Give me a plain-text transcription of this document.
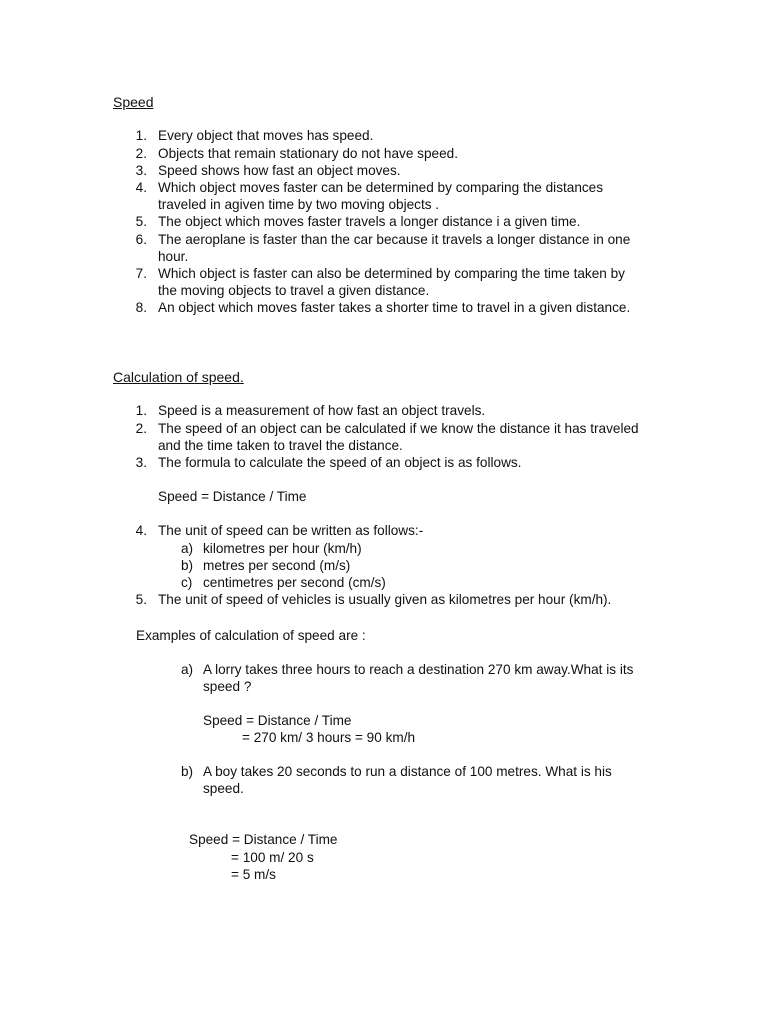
Speed
1. Every object that moves has speed.
2. Objects that remain stationary do not have speed.
3. Speed shows how fast an object moves.
4. Which object moves faster can be determined by comparing the distances
traveled in agiven time by two moving objects .
5. The object which moves faster travels a longer distance i a given time.
6. The aeroplane is faster than the car because it travels a longer distance in one
hour.
7. Which object is faster can also be determined by comparing the time taken by
the moving objects to travel a given distance.
8. An object which moves faster takes a shorter time to travel in a given distance.
Calculation of speed.
1. Speed is a measurement of how fast an object travels.
2. The speed of an object can be calculated if we know the distance it has traveled
and the time taken to travel the distance.
3. The formula to calculate the speed of an object is as follows.
Speed = Distance / Time
4. The unit of speed can be written as follows:-
a) kilometres per hour (km/h)
b) metres per second (m/s)
c) centimetres per second (cm/s)
5. The unit of speed of vehicles is usually given as kilometres per hour (km/h).
Examples of calculation of speed are :
a) A lorry takes three hours to reach a destination 270 km away.What is its
speed ?
Speed = Distance / Time
= 270 km/ 3 hours = 90 km/h
b) A boy takes 20 seconds to run a distance of 100 metres. What is his
speed.
Speed = Distance / Time
= 100 m/ 20 s
= 5 m/s
